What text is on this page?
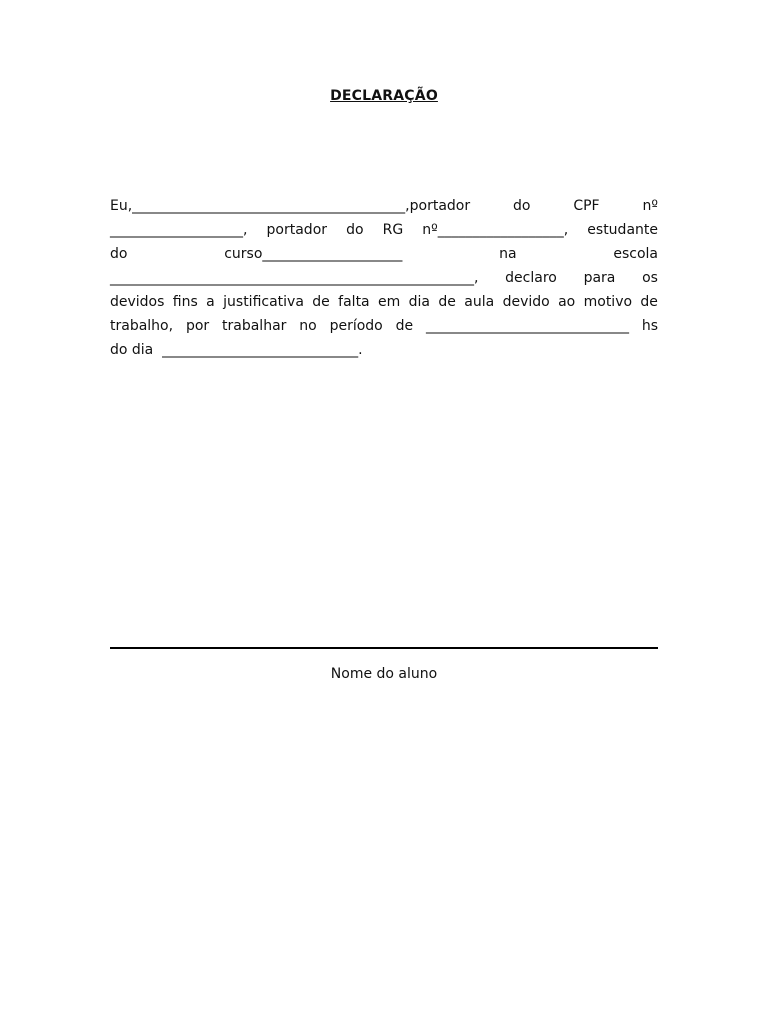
DECLARAÇÃO
Eu,_______________________________________,portador	do	CPF	nº
___________________, portador do RG nº__________________, estudante
do	curso____________________	na	escola
____________________________________________________, declaro para os
devidos fins a justificativa de falta em dia de aula devido ao motivo de
trabalho, por trabalhar no período de _____________________________ hs
do dia  ____________________________.
Nome do aluno
